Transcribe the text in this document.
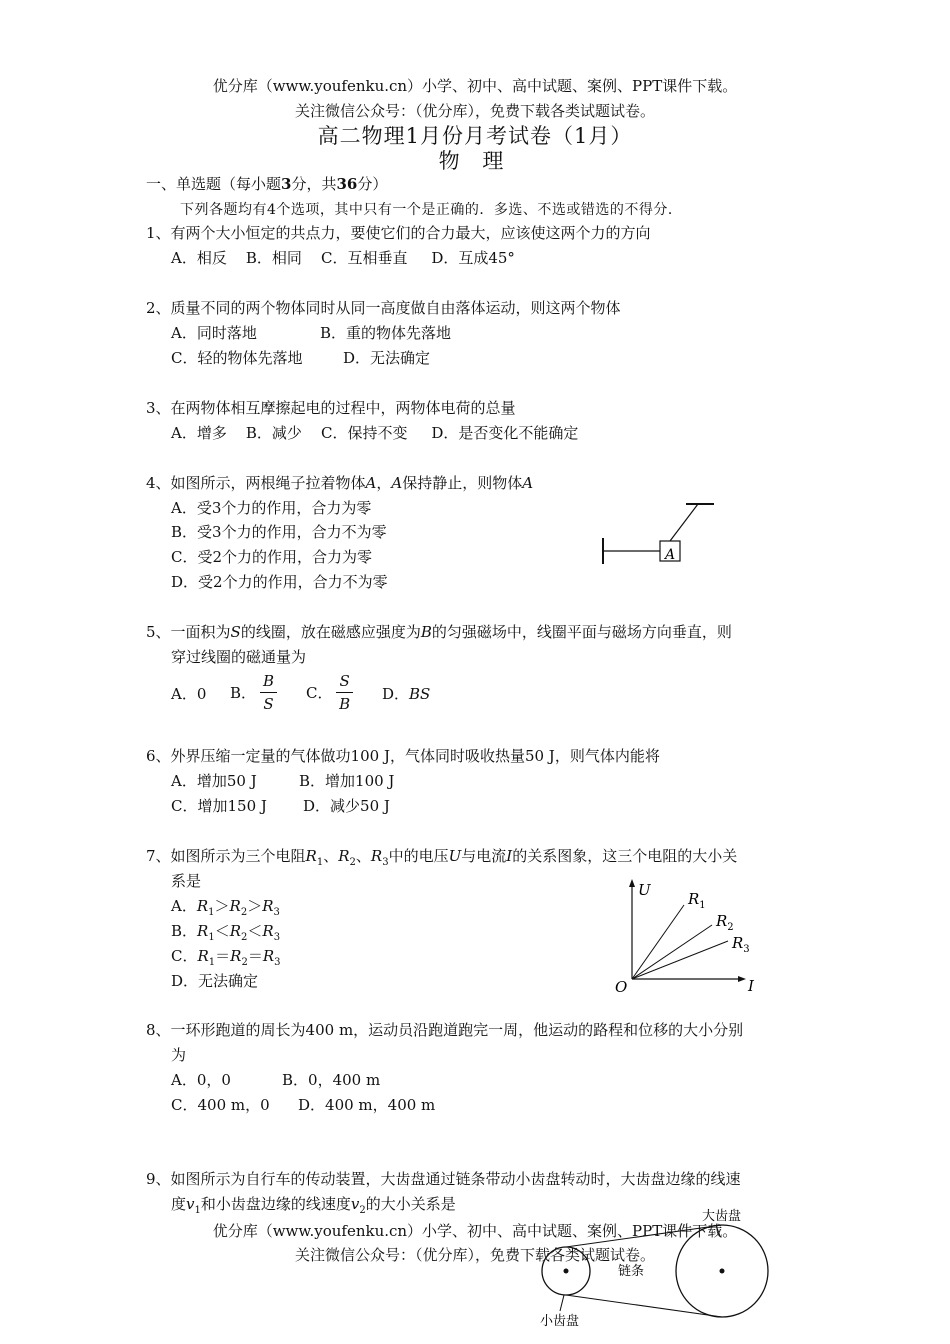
优分库（www.youfenku.cn）小学、初中、高中试题、案例、PPT课件下载。
关注微信公众号：（优分库），免费下载各类试题试卷。
高二物理1月份月考试卷（1月）
物 理
一、单选题（每小题3分，共36分）
下列各题均有4个选项，其中只有一个是正确的．多选、不选或错选的不得分．
1、有两个大小恒定的共点力，要使它们的合力最大，应该使这两个力的方向
A．相反    B．相同    C．互相垂直     D．互成45°
2、质量不同的两个物体同时从同一高度做自由落体运动，则这两个物体
A．同时落地	B．重的物体先落地
C．轻的物体先落地	D．无法确定
3、在两物体相互摩擦起电的过程中，两物体电荷的总量
A．增多    B．减少    C．保持不变     D．是否变化不能确定
4、如图所示，两根绳子拉着物体A，A保持静止，则物体A
A．受3个力的作用，合力为零
B．受3个力的作用，合力不为零
C．受2个力的作用，合力为零
D．受2个力的作用，合力不为零
A
5、一面积为S的线圈，放在磁感应强度为B的匀强磁场中，线圈平面与磁场方向垂直，则
穿过线圈的磁通量为
A．0 B． $\frac{B}{S}$ C． $\frac{S}{B}$ D．BS
6、外界压缩一定量的气体做功100 J，气体同时吸收热量50 J，则气体内能将
A．增加50 J	B．增加100 J
C．增加150 J D．减少50 J
7、如图所示为三个电阻$R_1$、$R_2$、$R_3$中的电压U与电流I的关系图象，这三个电阻的大小关
系是
A．$R_1>R_2>R_3$
B．$R_1<R_2<R_3$
C．$R_1=R_2=R_3$
D．无法确定
U
I
O
$R_1$
$R_2$
$R_3$
8、一环形跑道的周长为400 m，运动员沿跑道跑完一周，他运动的路程和位移的大小分别
为
A．0，0	B．0，400 m
C．400 m，0 D．400 m，400 m
9、如图所示为自行车的传动装置，大齿盘通过链条带动小齿盘转动时，大齿盘边缘的线速
度$v_1$和小齿盘边缘的线速度$v_2$的大小关系是
大齿盘
链条
小齿盘
优分库（www.youfenku.cn）小学、初中、高中试题、案例、PPT课件下载。
关注微信公众号：（优分库），免费下载各类试题试卷。
